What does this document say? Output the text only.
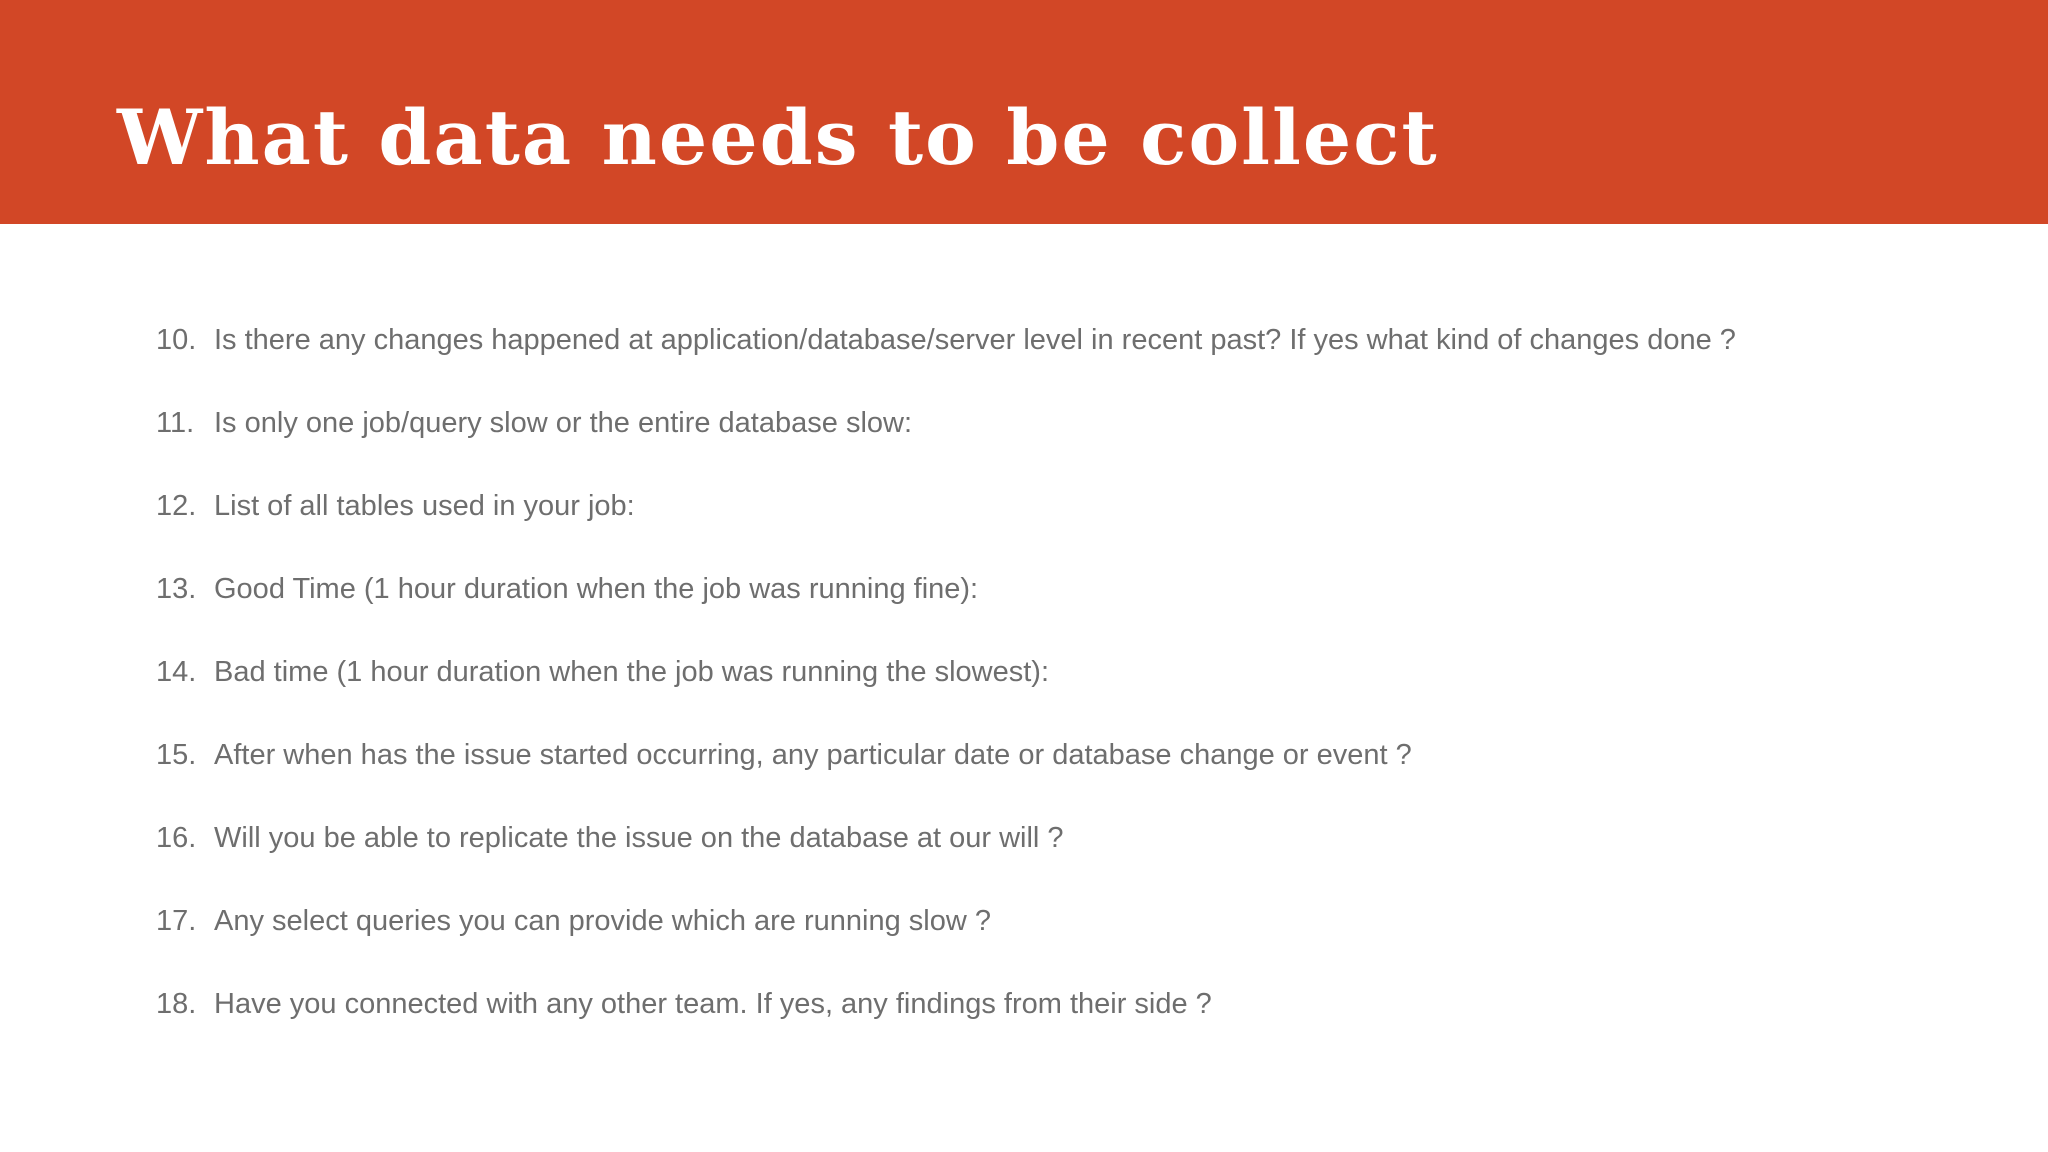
What data needs to be collect
10. Is there any changes happened at application/database/server level in recent past? If yes what kind of changes done ?
11. Is only one job/query slow or the entire database slow:
12. List of all tables used in your job:
13. Good Time (1 hour duration when the job was running fine):
14. Bad time (1 hour duration when the job was running the slowest):
15. After when has the issue started occurring, any particular date or database change or event ?
16. Will you be able to replicate the issue on the database at our will ?
17. Any select queries you can provide which are running slow ?
18. Have you connected with any other team. If yes, any findings from their side ?
